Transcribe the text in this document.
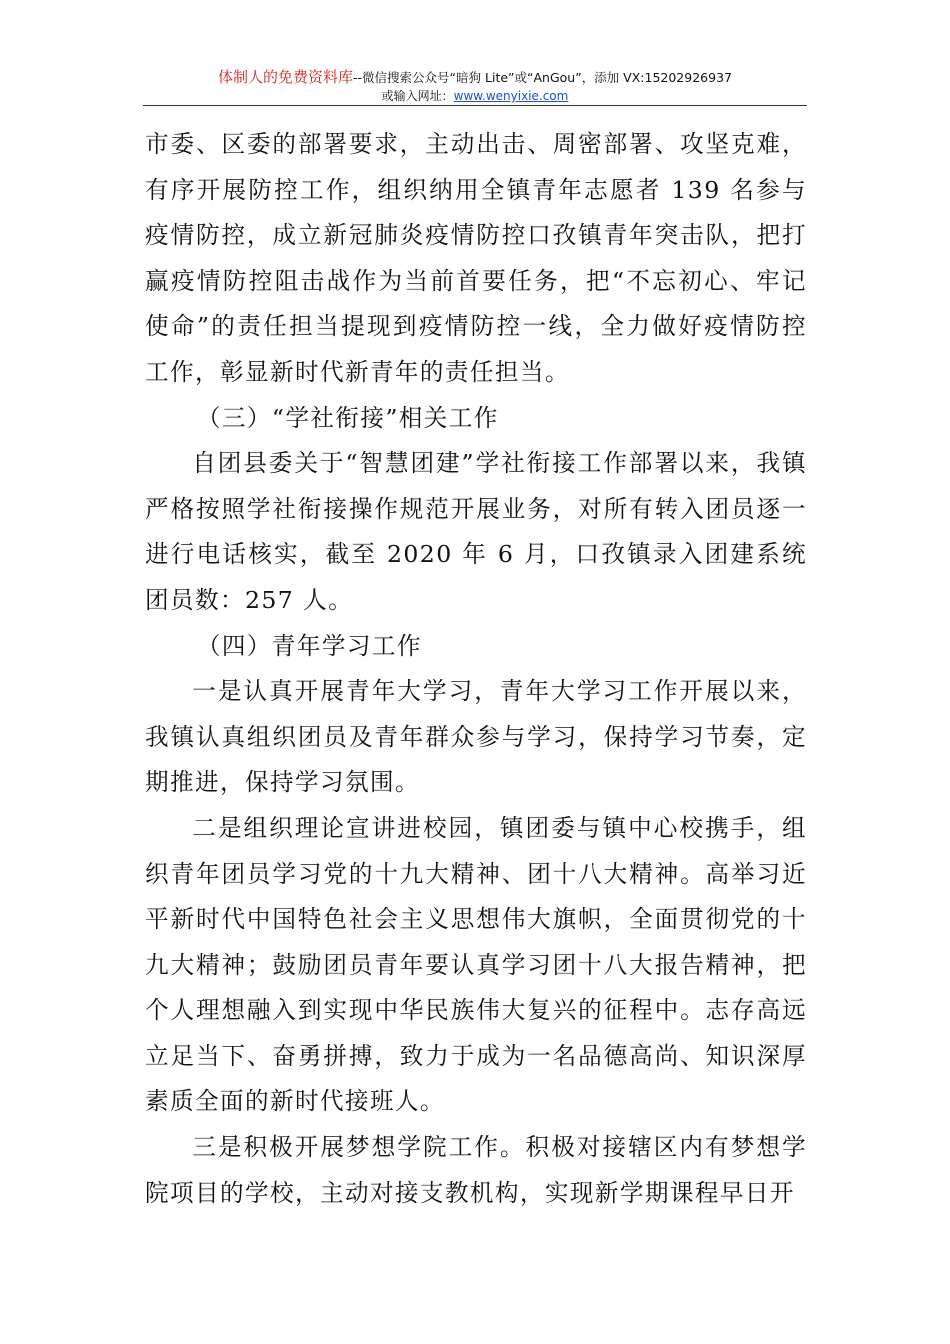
体制人的免费资料库--微信搜索公众号“暗狗 Lite”或“AnGou”，添加 VX:15202926937
或输入网址：www.wenyixie.com

市委、区委的部署要求，主动出击、周密部署、攻坚克难，有序开展防控工作，组织纳用全镇青年志愿者 139 名参与疫情防控，成立新冠肺炎疫情防控口孜镇青年突击队，把打赢疫情防控阻击战作为当前首要任务，把“不忘初心、牢记使命”的责任担当提现到疫情防控一线，全力做好疫情防控工作，彰显新时代新青年的责任担当。

（三）“学社衔接”相关工作

自团县委关于“智慧团建”学社衔接工作部署以来，我镇严格按照学社衔接操作规范开展业务，对所有转入团员逐一进行电话核实，截至 2020 年 6 月，口孜镇录入团建系统团员数：257 人。

（四）青年学习工作

一是认真开展青年大学习，青年大学习工作开展以来，我镇认真组织团员及青年群众参与学习，保持学习节奏，定期推进，保持学习氛围。

二是组织理论宣讲进校园，镇团委与镇中心校携手，组织青年团员学习党的十九大精神、团十八大精神。高举习近平新时代中国特色社会主义思想伟大旗帜，全面贯彻党的十九大精神；鼓励团员青年要认真学习团十八大报告精神，把个人理想融入到实现中华民族伟大复兴的征程中。志存高远立足当下、奋勇拼搏，致力于成为一名品德高尚、知识深厚素质全面的新时代接班人。

三是积极开展梦想学院工作。积极对接辖区内有梦想学院项目的学校，主动对接支教机构，实现新学期课程早日开
